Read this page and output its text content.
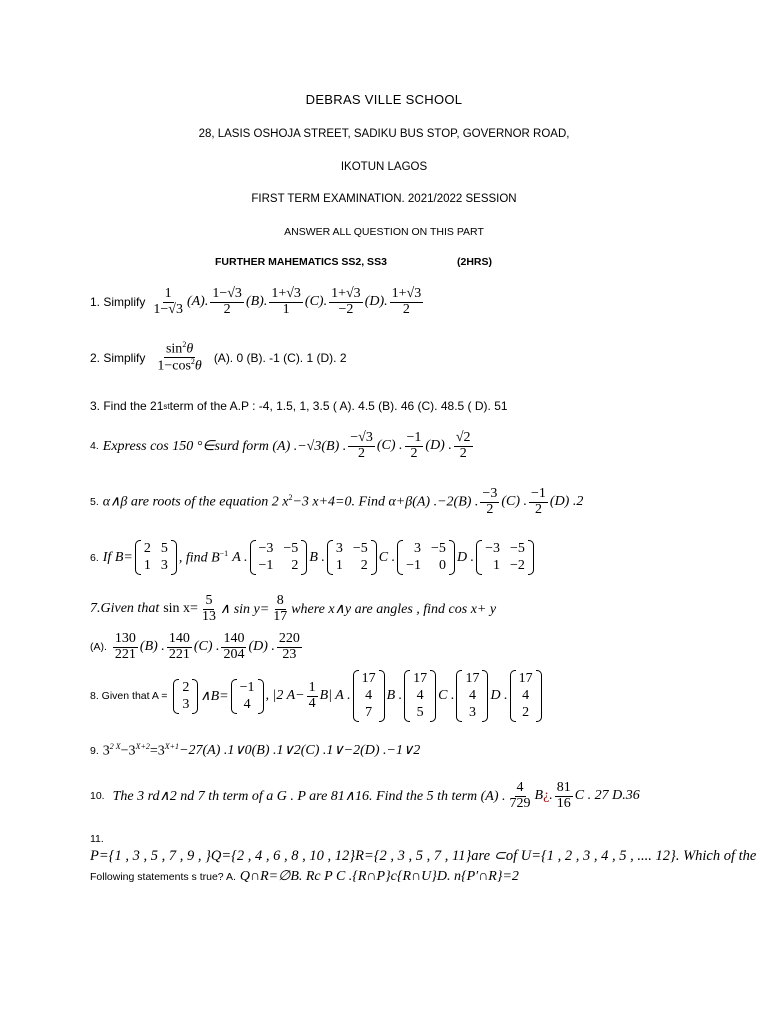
DEBRAS VILLE SCHOOL
28, LASIS OSHOJA STREET, SADIKU BUS STOP, GOVERNOR ROAD,
IKOTUN LAGOS
FIRST TERM EXAMINATION. 2021/2022 SESSION
ANSWER ALL QUESTION ON THIS PART
FURTHER MAHEMATICS SS2, SS3	(2HRS)
1. Simplify $\frac{1}{1-√3} (A)$. $\frac{1-√3}{2} (B)$. $\frac{1+√3}{1} (C)$. $\frac{1+√3}{-2} (D)$. $\frac{1+√3}{2}$
2. Simplify $\frac{\sin^2\theta}{1-\cos^2\theta} (A)$. 0 (B). -1 (C). 1 (D). 2
3. Find the 21 st term of the A.P : -4, 1.5, 1, 3.5 ( A). 4.5 (B). 46 (C). 48.5 ( D). 51
4. Express cos 150 °∈surd form (A) .−√3(B) . $\frac{-√3}{2} (C)$ . $\frac{-1}{2} (D)$ . $\frac{√2}{2}$
5. α∧β are roots of the equation 2 $x^2-3$ x+4=0. Find α+β(A) .−2(B) . $\frac{-3}{2} (C)$ . $\frac{-1}{2} (D)$ .2
6. If B=
2 5
1 3
, find $B^{-1}$ A .
−3 −5
−1	2
B .
3 −5
1	2
C .
3 −5
−1	0
D .
−3 −5
1 −2
7.Given that $\sin x= \frac{5}{13}$ ∧ $\sin y= \frac{8}{17}$ where x∧y are angles , find cos x+ y
(A). $\frac{130}{221} (B)$ . $\frac{140}{221} (C)$ . $\frac{140}{204} (D)$ . $\frac{220}{23}$
8. Given that A =
2
3
∧B=
−1
4
, |2 $A- \frac{1}{4} B|$ A .
17
4
7
B .
17
4
5
C .
17
4
3
D .
17
4
2
9. $3^{2 X}-3^{X+2}=3^{X+1} -27(A)$ .1∨0(B) .1∨2(C) .1∨−2(D) .−1∨2
10. The 3 rd∧2 nd 7 th term of a G . P are 81∧16. Find the 5 th term (A) . $\frac{4}{729}$ B¿. $\frac{81}{16}$ C . 27 D.36
11.
P={1 , 3 , 5 , 7 , 9 , }Q={2 , 4 , 6 , 8 , 10 , 12}R={2 , 3 , 5 , 7 , 11}are ⊂of U={1 , 2 , 3 , 4 , 5 , .... 12}. Which of the
Following statements s true? A. Q∩R=∅B. Rc P C .{R∩P}c{R∩U}D. n{P′∩R}=2
